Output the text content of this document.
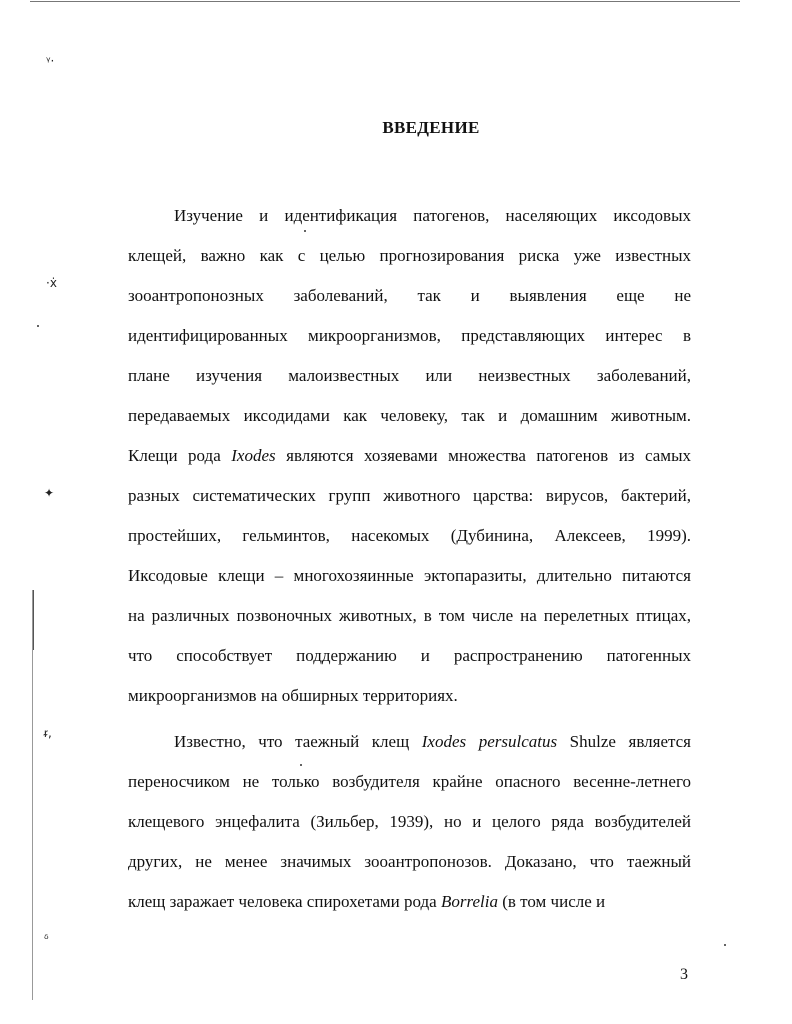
ᵞ·
·ẋ
✦
ᵲ,
ᵟ
ВВЕДЕНИЕ
Изучение и идентификация патогенов, населяющих иксодовых
клещей, важно как с целью прогнозирования риска уже известных
зооантропонозных заболеваний, так и выявления еще не
идентифицированных микроорганизмов, представляющих интерес в
плане изучения малоизвестных или неизвестных заболеваний,
передаваемых иксодидами как человеку, так и домашним животным.
Клещи рода Ixodes являются хозяевами множества патогенов из самых
разных систематических групп животного царства: вирусов, бактерий,
простейших, гельминтов, насекомых (Дубинина, Алексеев, 1999).
Иксодовые клещи – многохозяинные эктопаразиты, длительно питаются
на различных позвоночных животных, в том числе на перелетных птицах,
что способствует поддержанию и распространению патогенных
микроорганизмов на обширных территориях.
Известно, что таежный клещ Ixodes persulcatus Shulze является
переносчиком не только возбудителя крайне опасного весенне-летнего
клещевого энцефалита (Зильбер, 1939), но и целого ряда возбудителей
других, не менее значимых зооантропонозов. Доказано, что таежный
клещ заражает человека спирохетами рода Borrelia (в том числе и
3
